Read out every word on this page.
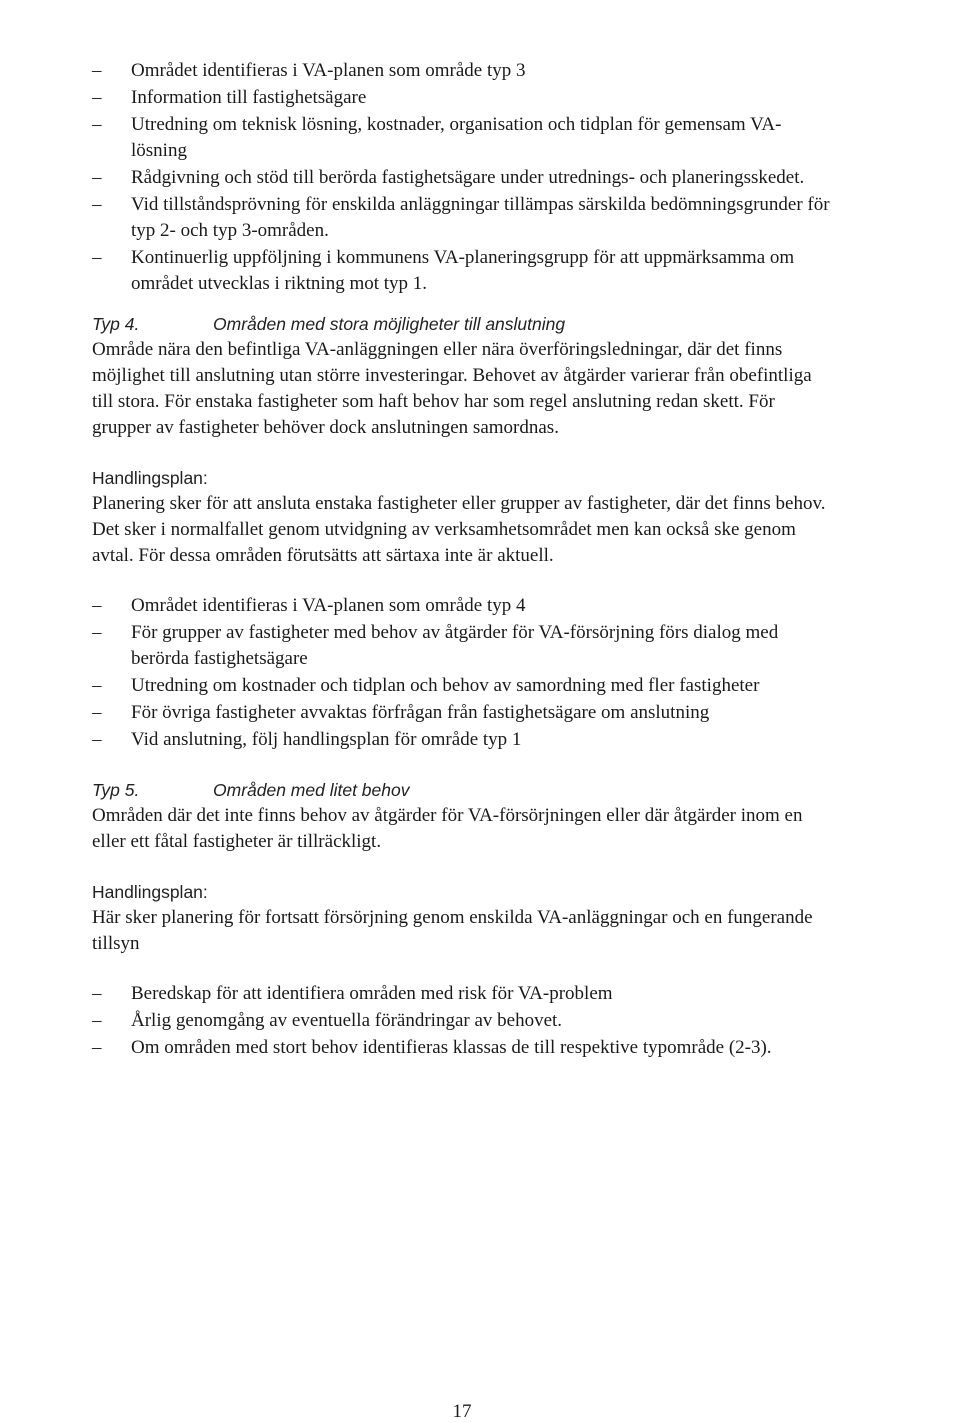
–	Området identifieras i VA-planen som område typ 3
–	Information till fastighetsägare
–	Utredning om teknisk lösning, kostnader, organisation och tidplan för gemensam VA-lösning
–	Rådgivning och stöd till berörda fastighetsägare under utrednings- och planeringsskedet.
–	Vid tillståndsprövning för enskilda anläggningar tillämpas särskilda bedömningsgrunder för typ 2- och typ 3-områden.
–	Kontinuerlig uppföljning i kommunens VA-planeringsgrupp för att uppmärksamma om området utvecklas i riktning mot typ 1.
Typ 4.	Områden med stora möjligheter till anslutning

Område nära den befintliga VA-anläggningen eller nära överföringsledningar, där det finns möjlighet till anslutning utan större investeringar. Behovet av åtgärder varierar från obefintliga till stora. För enstaka fastigheter som haft behov har som regel anslutning redan skett. För grupper av fastigheter behöver dock anslutningen samordnas.

Handlingsplan:

Planering sker för att ansluta enstaka fastigheter eller grupper av fastigheter, där det finns behov. Det sker i normalfallet genom utvidgning av verksamhetsområdet men kan också ske genom avtal. För dessa områden förutsätts att särtaxa inte är aktuell.

–	Området identifieras i VA-planen som område typ 4
–	För grupper av fastigheter med behov av åtgärder för VA-försörjning förs dialog med berörda fastighetsägare
–	Utredning om kostnader och tidplan och behov av samordning med fler fastigheter
–	För övriga fastigheter avvaktas förfrågan från fastighetsägare om anslutning
–	Vid anslutning, följ handlingsplan för område typ 1
Typ 5.	Områden med litet behov

Områden där det inte finns behov av åtgärder för VA-försörjningen eller där åtgärder inom en eller ett fåtal fastigheter är tillräckligt.

Handlingsplan:

Här sker planering för fortsatt försörjning genom enskilda VA-anläggningar och en fungerande tillsyn

–	Beredskap för att identifiera områden med risk för VA-problem
–	Årlig genomgång av eventuella förändringar av behovet.
–	Om områden med stort behov identifieras klassas de till respektive typområde (2-3).
17
